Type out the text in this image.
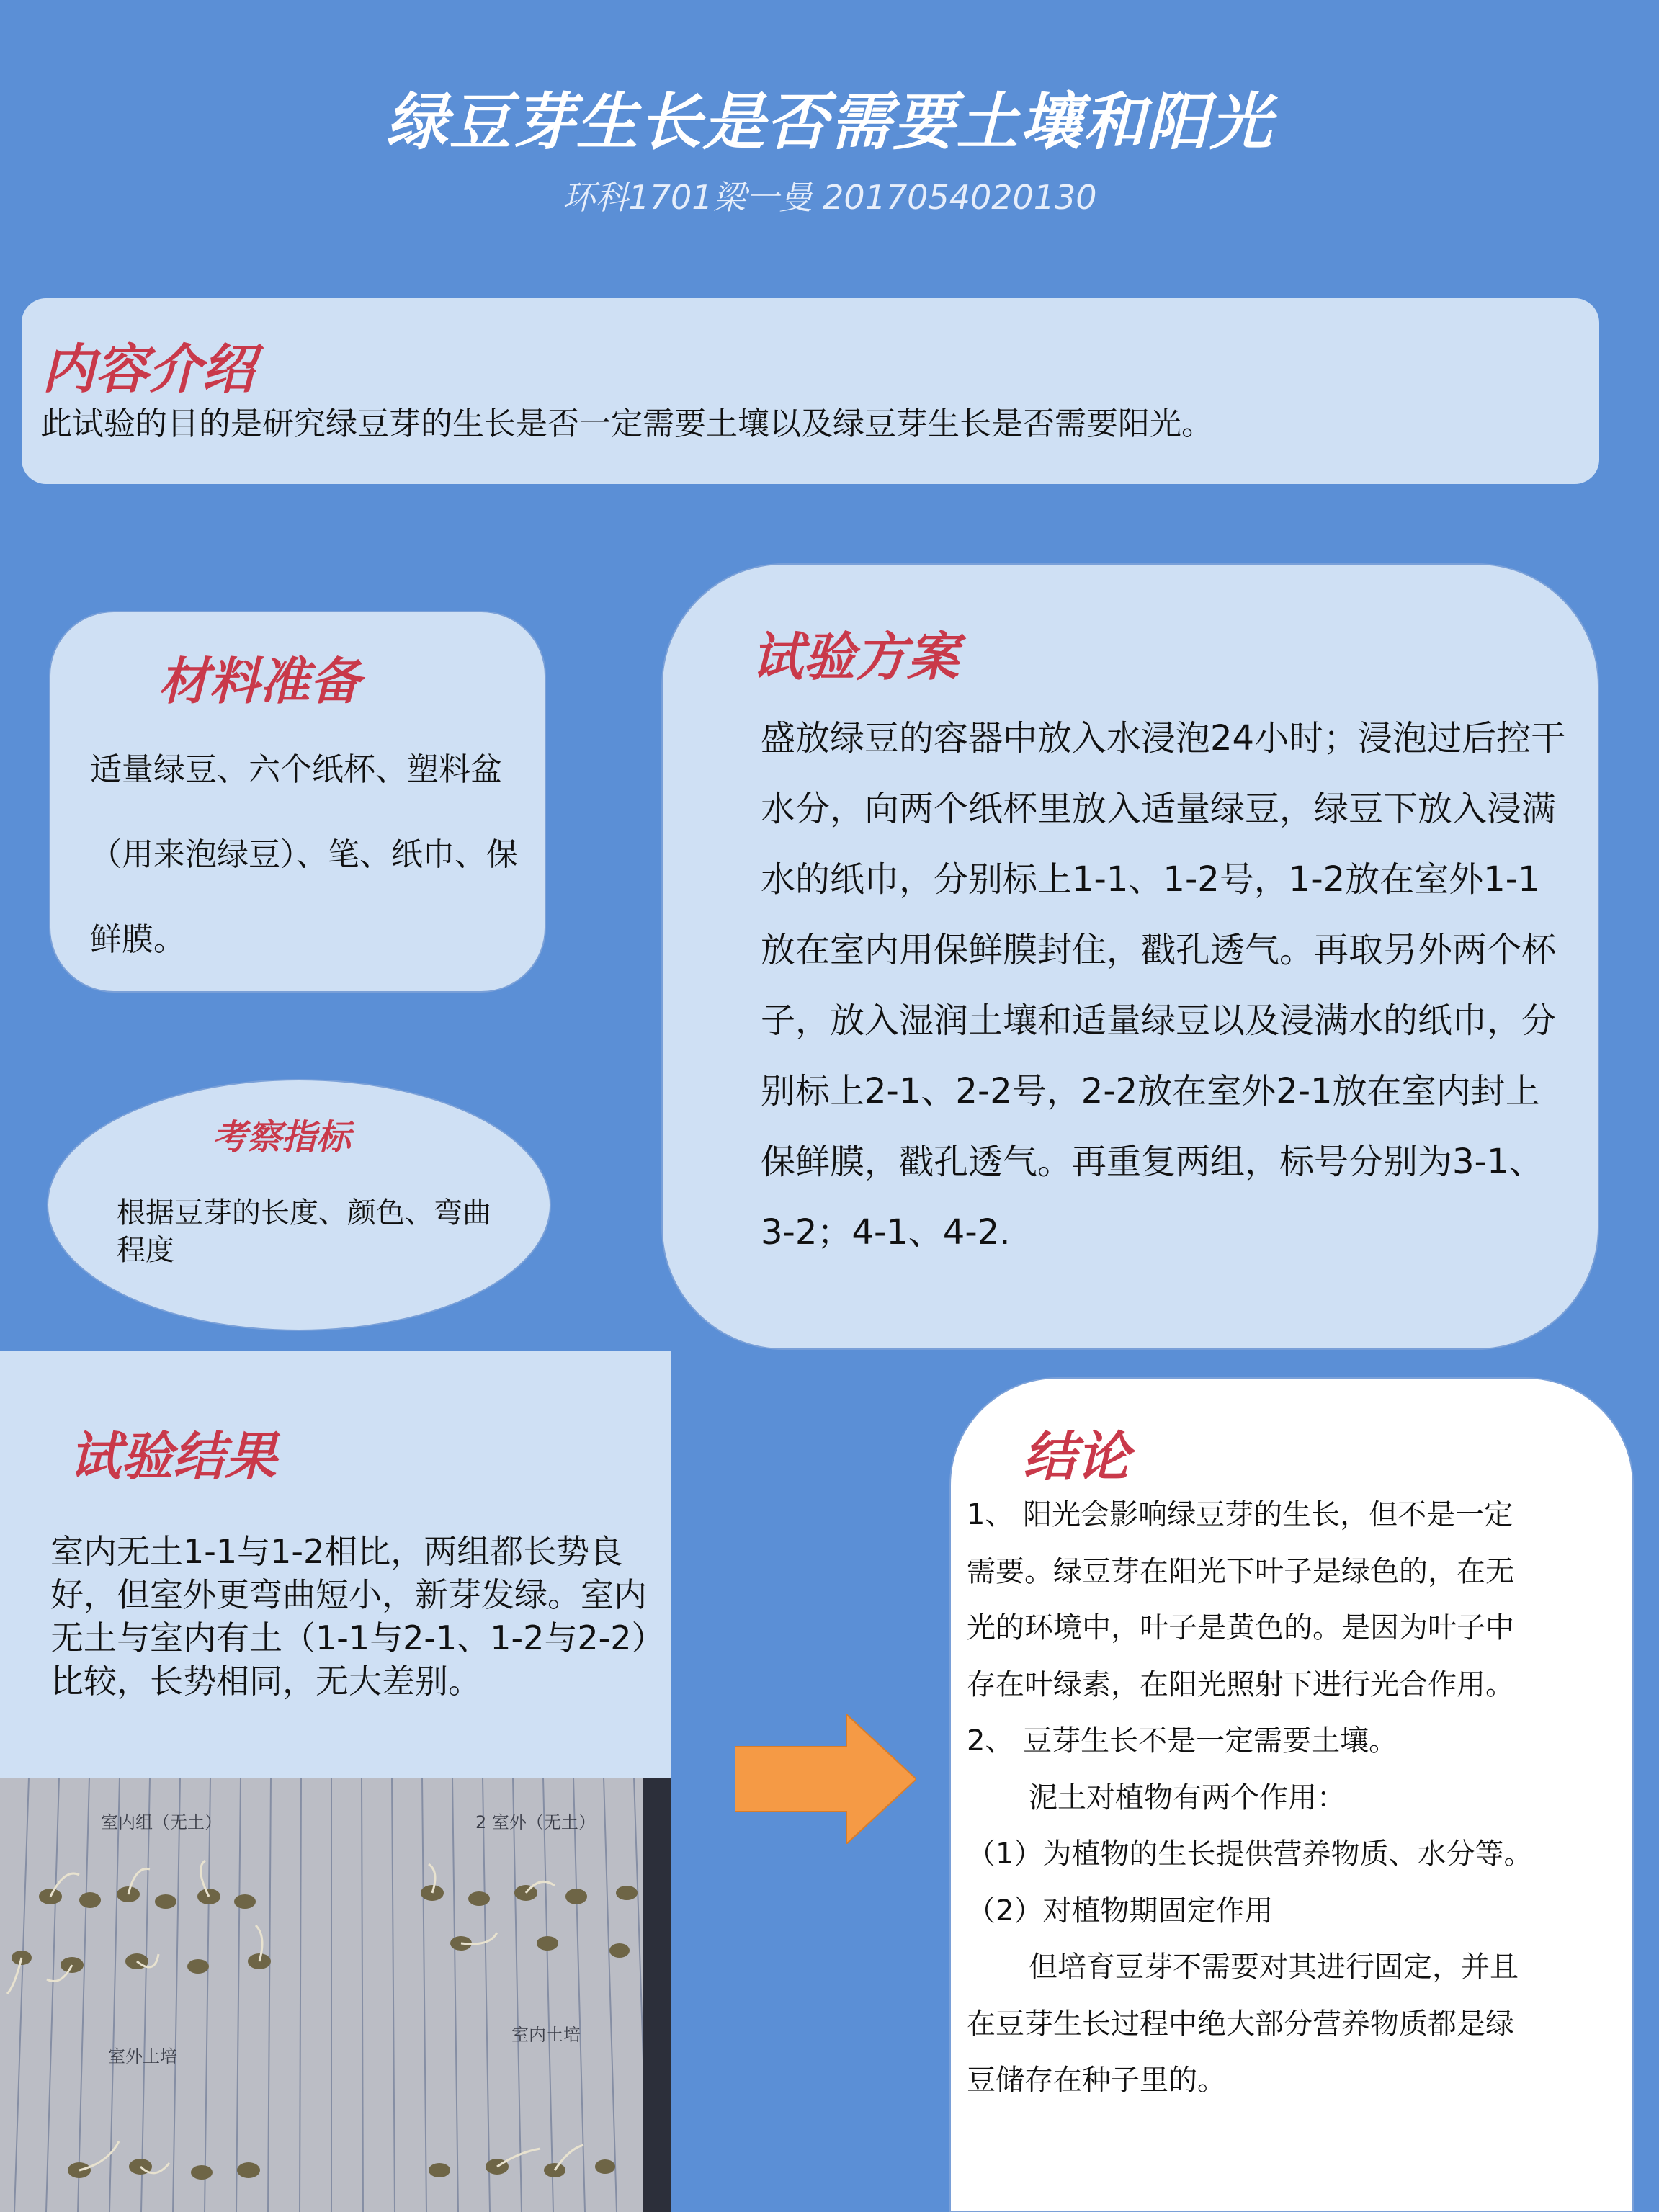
绿豆芽生长是否需要土壤和阳光
环科1701梁一曼 2017054020130
内容介绍
此试验的目的是研究绿豆芽的生长是否一定需要土壤以及绿豆芽生长是否需要阳光。
材料准备
适量绿豆、六个纸杯、塑料盆（用来泡绿豆）、笔、纸巾、保鲜膜。
考察指标
根据豆芽的长度、颜色、弯曲程度
试验方案
盛放绿豆的容器中放入水浸泡24小时；浸泡过后控干水分，向两个纸杯里放入适量绿豆，绿豆下放入浸满水的纸巾，分别标上1-1、1-2号，1-2放在室外1-1放在室内用保鲜膜封住，戳孔透气。再取另外两个杯子，放入湿润土壤和适量绿豆以及浸满水的纸巾，分别标上2-1、2-2号，2-2放在室外2-1放在室内封上保鲜膜，戳孔透气。再重复两组，标号分别为3-1、3-2；4-1、4-2.
试验结果
室内无土1-1与1-2相比，两组都长势良好，但室外更弯曲短小，新芽发绿。室内无土与室内有土（1-1与2-1、1-2与2-2）比较，长势相同，无大差别。
室内组（无土）	2 室外（无土）
室外土培
室内土培
结论
1、 阳光会影响绿豆芽的生长，但不是一定
需要。绿豆芽在阳光下叶子是绿色的，在无
光的环境中，叶子是黄色的。是因为叶子中
存在叶绿素，在阳光照射下进行光合作用。
2、 豆芽生长不是一定需要土壤。
泥土对植物有两个作用：
（1）为植物的生长提供营养物质、水分等。
（2）对植物期固定作用
但培育豆芽不需要对其进行固定，并且
在豆芽生长过程中绝大部分营养物质都是绿
豆储存在种子里的。
